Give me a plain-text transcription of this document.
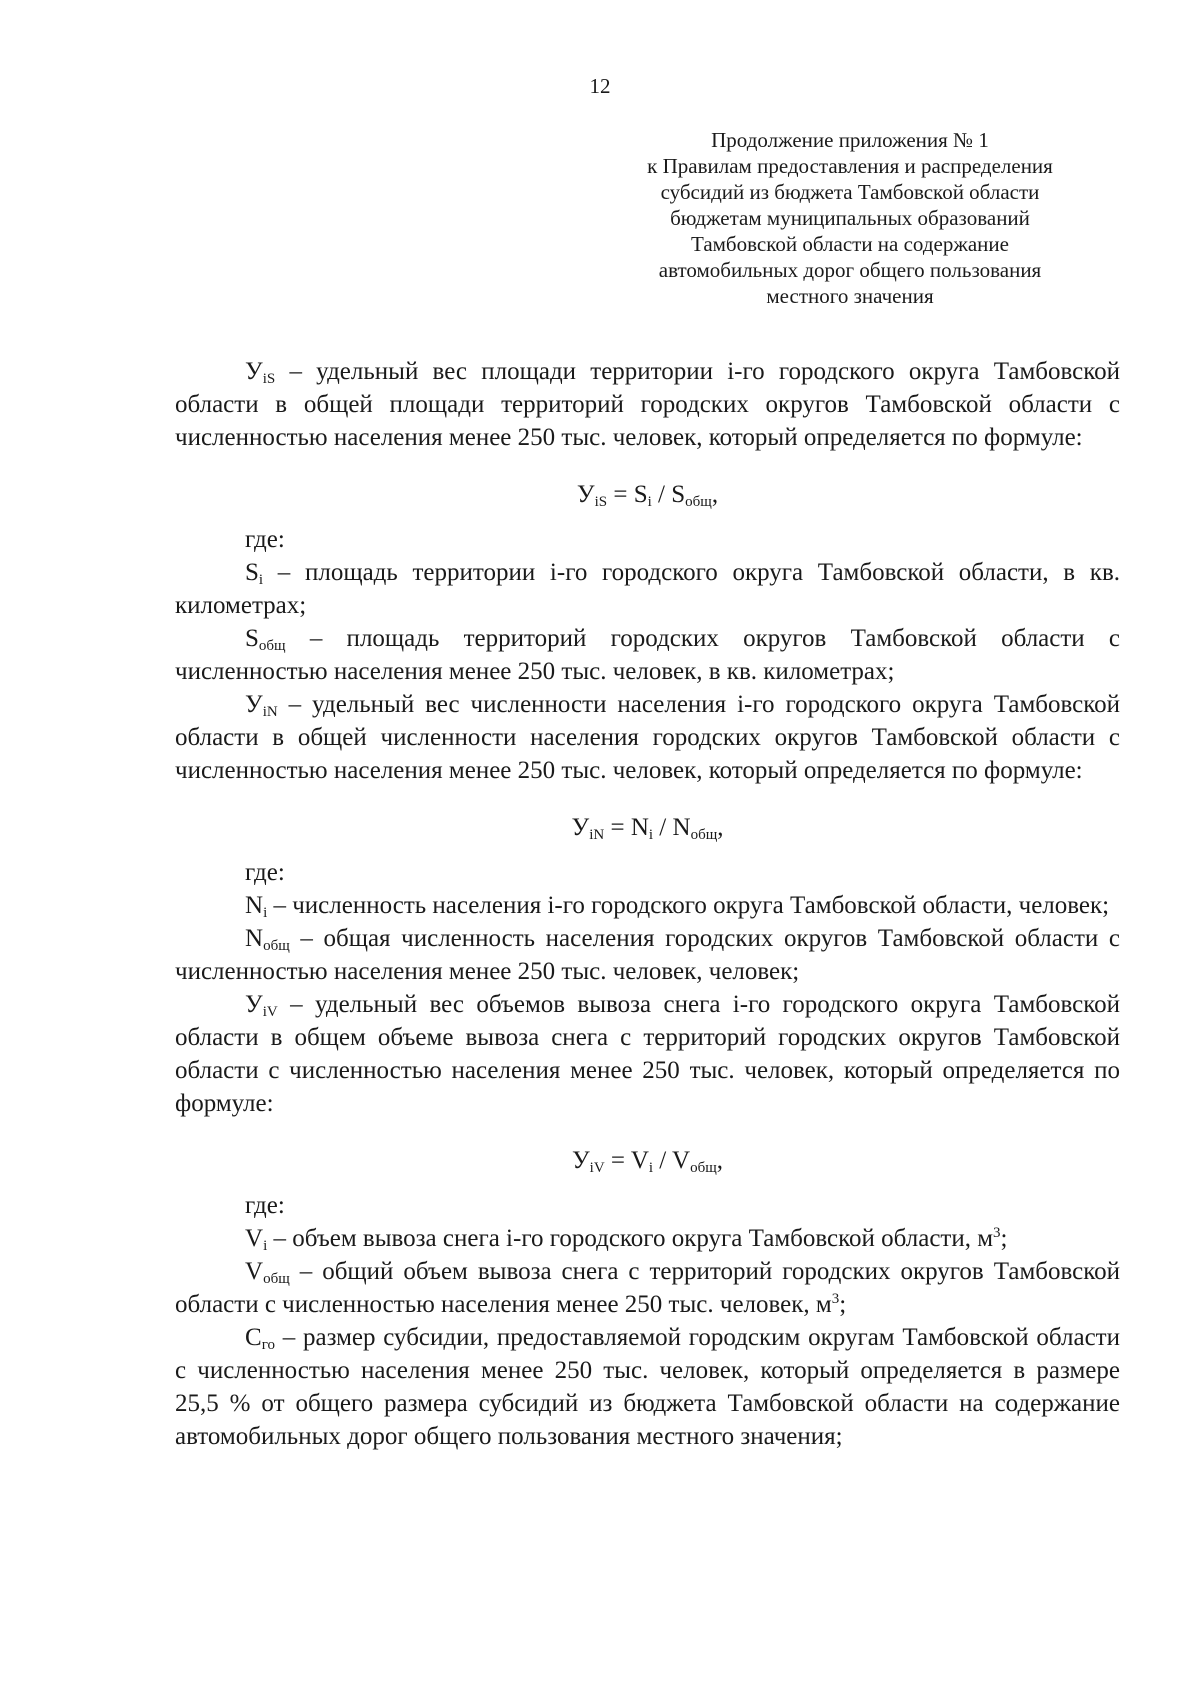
12
Продолжение приложения № 1
к Правилам предоставления и распределения
субсидий из бюджета Тамбовской области
бюджетам муниципальных образований
Тамбовской области на содержание
автомобильных дорог общего пользования
местного значения

$У_{iS}$ – удельный вес площади территории i-го городского округа Тамбовской области в общей площади территорий городских округов Тамбовской области с численностью населения менее 250 тыс. человек, который определяется по формуле:

$У_{iS} = S_i / S_{общ}$,

где:

$S_i$ – площадь территории i-го городского округа Тамбовской области, в кв. километрах;

$S_{общ}$ – площадь территорий городских округов Тамбовской области с численностью населения менее 250 тыс. человек, в кв. километрах;

$У_{iN}$ – удельный вес численности населения i-го городского округа Тамбовской области в общей численности населения городских округов Тамбовской области с численностью населения менее 250 тыс. человек, который определяется по формуле:

$У_{iN} = N_i / N_{общ}$,

где:

$N_i$ – численность населения i-го городского округа Тамбовской области, человек;

$N_{общ}$ – общая численность населения городских округов Тамбовской области с численностью населения менее 250 тыс. человек, человек;

$У_{iV}$ – удельный вес объемов вывоза снега i-го городского округа Тамбовской области в общем объеме вывоза снега с территорий городских округов Тамбовской области с численностью населения менее 250 тыс. человек, который определяется по формуле:

$У_{iV} = V_i / V_{общ}$,

где:

$V_i$ – объем вывоза снега i-го городского округа Тамбовской области, $м^3$;

$V_{общ}$ – общий объем вывоза снега с территорий городских округов Тамбовской области с численностью населения менее 250 тыс. человек, $м^3$;

$С_{го}$ – размер субсидии, предоставляемой городским округам Тамбовской области с численностью населения менее 250 тыс. человек, который определяется в размере 25,5 % от общего размера субсидий из бюджета Тамбовской области на содержание автомобильных дорог общего пользования местного значения;
